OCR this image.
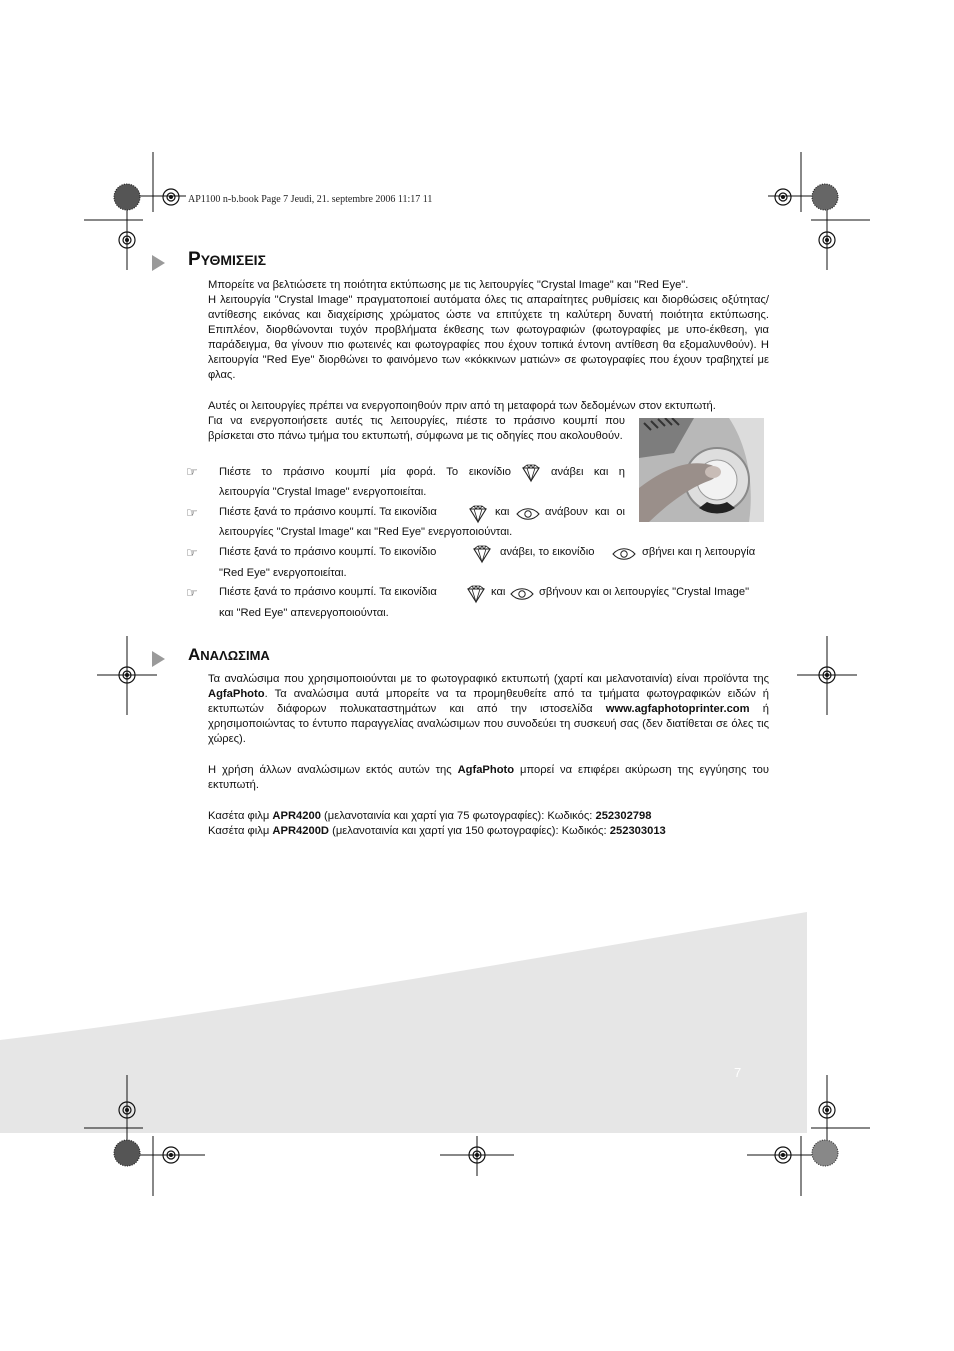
AP1100 n-b.book Page 7 Jeudi, 21. septembre 2006 11:17 11
ΡΥΘΜΙΣΕΙΣ

Μπορείτε να βελτιώσετε τη ποιότητα εκτύπωσης με τις λειτουργίες "Crystal Image" και "Red Eye".

Η λειτουργία "Crystal Image" πραγματοποιεί αυτόματα όλες τις απαραίτητες ρυθμίσεις και διορθώσεις οξύτητας/αντίθεσης εικόνας και διαχείρισης χρώματος ώστε να επιτύχετε τη καλύτερη δυνατή ποιότητα εκτύπωσης. Επιπλέον, διορθώνονται τυχόν προβλήματα έκθεσης των φωτογραφιών (φωτογραφίες με υπο-έκθεση, για παράδειγμα, θα γίνουν πιο φωτεινές και φωτογραφίες που έχουν τοπικά έντονη αντίθεση θα εξομαλυνθούν). Η λειτουργία "Red Eye" διορθώνει το φαινόμενο των «κόκκινων ματιών» σε φωτογραφίες που έχουν τραβηχτεί με φλας.

Αυτές οι λειτουργίες πρέπει να ενεργοποιηθούν πριν από τη μεταφορά των δεδομένων στον εκτυπωτή.

Για να ενεργοποιήσετε αυτές τις λειτουργίες, πιέστε το πράσινο κουμπί που βρίσκεται στο πάνω τμήμα του εκτυπωτή, σύμφωνα με τις οδηγίες που ακολουθούν.

☞ Πιέστε το πράσινο κουμπί μία φορά. Το εικονίδιο	ανάβει και η
λειτουργία "Crystal Image" ενεργοποιείται.
☞ Πιέστε ξανά το πράσινο κουμπί. Τα εικονίδια	και	ανάβουν και οι
λειτουργίες "Crystal Image" και "Red Eye" ενεργοποιούνται.
☞ Πιέστε ξανά το πράσινο κουμπί. Το εικονίδιο	ανάβει, το εικονίδιο	σβήνει και η λειτουργία
"Red Eye" ενεργοποιείται.
☞ Πιέστε ξανά το πράσινο κουμπί. Τα εικονίδια	και	σβήνουν και οι λειτουργίες "Crystal Image"
και "Red Eye" απενεργοποιούνται.
ΑΝΑΛΩΣΙΜΑ

Τα αναλώσιμα που χρησιμοποιούνται με το φωτογραφικό εκτυπωτή (χαρτί και μελανοταινία) είναι προϊόντα της AgfaPhoto. Τα αναλώσιμα αυτά μπορείτε να τα προμηθευθείτε από τα τμήματα φωτογραφικών ειδών ή εκτυπωτών διάφορων πολυκαταστημάτων και από την ιστοσελίδα www.agfaphotoprinter.com ή χρησιμοποιώντας το έντυπο παραγγελίας αναλώσιμων που συνοδεύει τη συσκευή σας (δεν διατίθεται σε όλες τις χώρες).

Η χρήση άλλων αναλώσιμων εκτός αυτών της AgfaPhoto μπορεί να επιφέρει ακύρωση της εγγύησης του εκτυπωτή.

Κασέτα φιλμ APR4200 (μελανοταινία και χαρτί για 75 φωτογραφίες): Κωδικός: 252302798
Κασέτα φιλμ APR4200D (μελανοταινία και χαρτί για 150 φωτογραφίες): Κωδικός: 252303013
7
